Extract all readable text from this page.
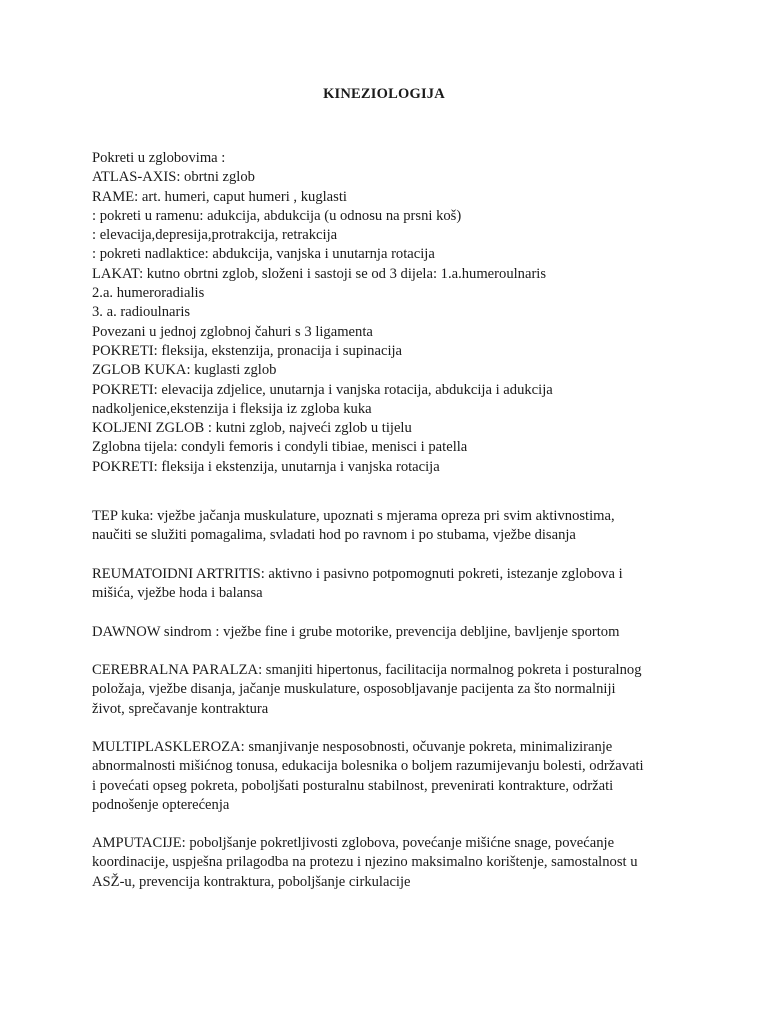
KINEZIOLOGIJA
Pokreti u zglobovima :
ATLAS-AXIS: obrtni zglob
RAME: art. humeri, caput humeri , kuglasti
: pokreti u ramenu: adukcija, abdukcija (u odnosu na prsni koš)
: elevacija,depresija,protrakcija, retrakcija
: pokreti nadlaktice: abdukcija, vanjska i unutarnja rotacija
LAKAT: kutno obrtni zglob, složeni i sastoji se od 3 dijela: 1.a.humeroulnaris
2.a. humeroradialis
3. a. radioulnaris
Povezani u jednoj zglobnoj čahuri s 3 ligamenta
POKRETI: fleksija, ekstenzija, pronacija i supinacija
ZGLOB KUKA: kuglasti zglob
POKRETI: elevacija zdjelice, unutarnja i vanjska rotacija, abdukcija i adukcija
nadkoljenice,ekstenzija i fleksija iz zgloba kuka
KOLJENI ZGLOB : kutni zglob, najveći zglob u tijelu
Zglobna tijela: condyli femoris i condyli tibiae, menisci i patella
POKRETI: fleksija i ekstenzija, unutarnja i vanjska rotacija
TEP kuka: vježbe jačanja muskulature, upoznati s mjerama opreza pri svim aktivnostima,
naučiti se služiti pomagalima, svladati hod po ravnom i po stubama, vježbe disanja
REUMATOIDNI ARTRITIS: aktivno i pasivno potpomognuti pokreti, istezanje zglobova i
mišića, vježbe hoda i balansa
DAWNOW sindrom : vježbe fine i grube motorike, prevencija debljine, bavljenje sportom
CEREBRALNA PARALZA: smanjiti hipertonus, facilitacija normalnog pokreta i posturalnog
položaja, vježbe disanja, jačanje muskulature, osposobljavanje pacijenta za što normalniji
život, sprečavanje kontraktura
MULTIPLASKLEROZA: smanjivanje nesposobnosti, očuvanje pokreta, minimaliziranje
abnormalnosti mišićnog tonusa, edukacija bolesnika o boljem razumijevanju bolesti, održavati
i povećati opseg pokreta, poboljšati posturalnu stabilnost, prevenirati kontrakture, održati
podnošenje opterećenja
AMPUTACIJE: poboljšanje pokretljivosti zglobova, povećanje mišićne snage, povećanje
koordinacije, uspješna prilagodba na protezu i njezino maksimalno korištenje, samostalnost u
ASŽ-u, prevencija kontraktura, poboljšanje cirkulacije
